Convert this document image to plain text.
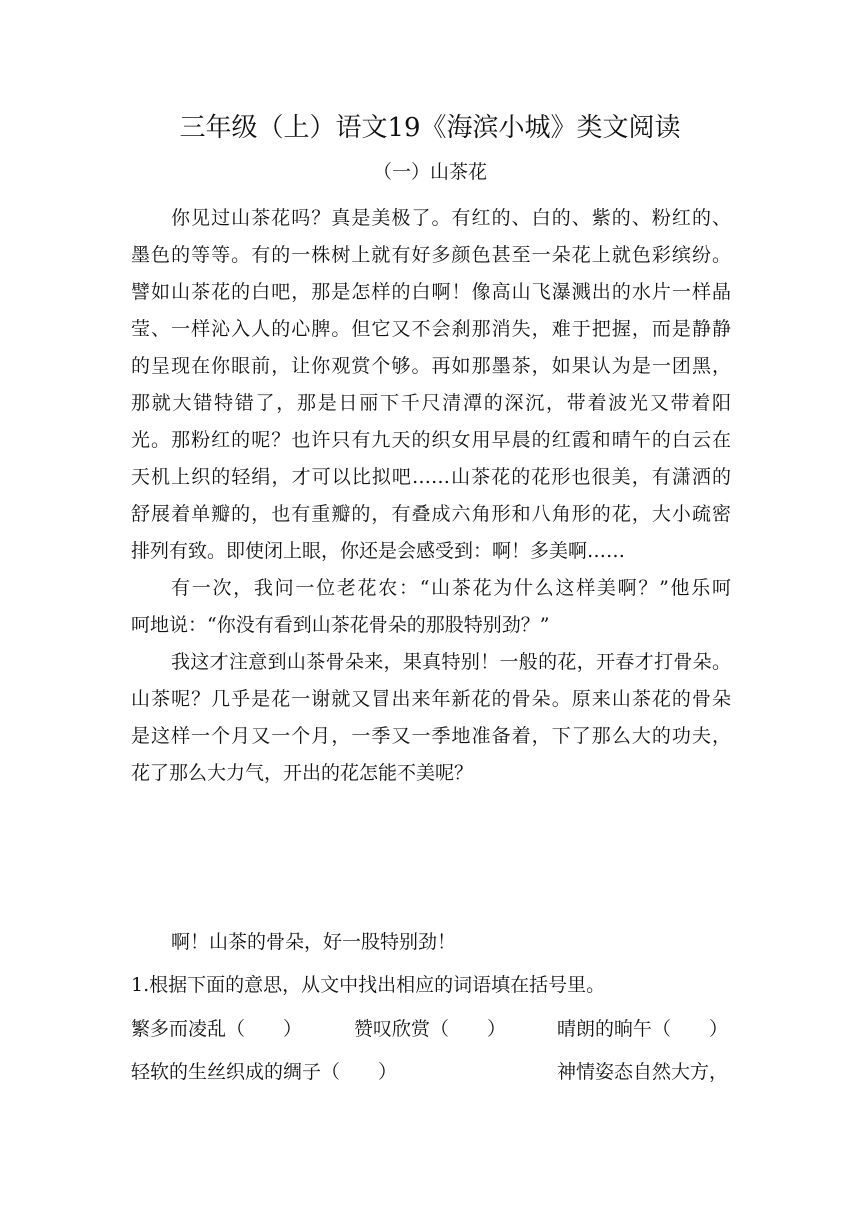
三年级（上）语文19《海滨小城》类文阅读
（一）山茶花
你见过山茶花吗？真是美极了。有红的、白的、紫的、粉红的、
墨色的等等。有的一株树上就有好多颜色甚至一朵花上就色彩缤纷。
譬如山茶花的白吧，那是怎样的白啊！像高山飞瀑溅出的水片一样晶
莹、一样沁入人的心脾。但它又不会刹那消失，难于把握，而是静静
的呈现在你眼前，让你观赏个够。再如那墨茶，如果认为是一团黑，
那就大错特错了，那是日丽下千尺清潭的深沉，带着波光又带着阳
光。那粉红的呢？也许只有九天的织女用早晨的红霞和晴午的白云在
天机上织的轻绢，才可以比拟吧……山茶花的花形也很美，有潇洒的
舒展着单瓣的，也有重瓣的，有叠成六角形和八角形的花，大小疏密
排列有致。即使闭上眼，你还是会感受到：啊！多美啊……
有一次，我问一位老花农：“山茶花为什么这样美啊？”他乐呵
呵地说：“你没有看到山茶花骨朵的那股特别劲？”
我这才注意到山茶骨朵来，果真特别！一般的花，开春才打骨朵。
山茶呢？几乎是花一谢就又冒出来年新花的骨朵。原来山茶花的骨朵
是这样一个月又一个月，一季又一季地准备着，下了那么大的功夫，
花了那么大力气，开出的花怎能不美呢？
啊！山茶的骨朵，好一股特别劲！
1.根据下面的意思，从文中找出相应的词语填在括号里。
繁多而凌乱（　　）	赞叹欣赏（　　）	晴朗的晌午（　　）
轻软的生丝织成的绸子（　　）	神情姿态自然大方，
